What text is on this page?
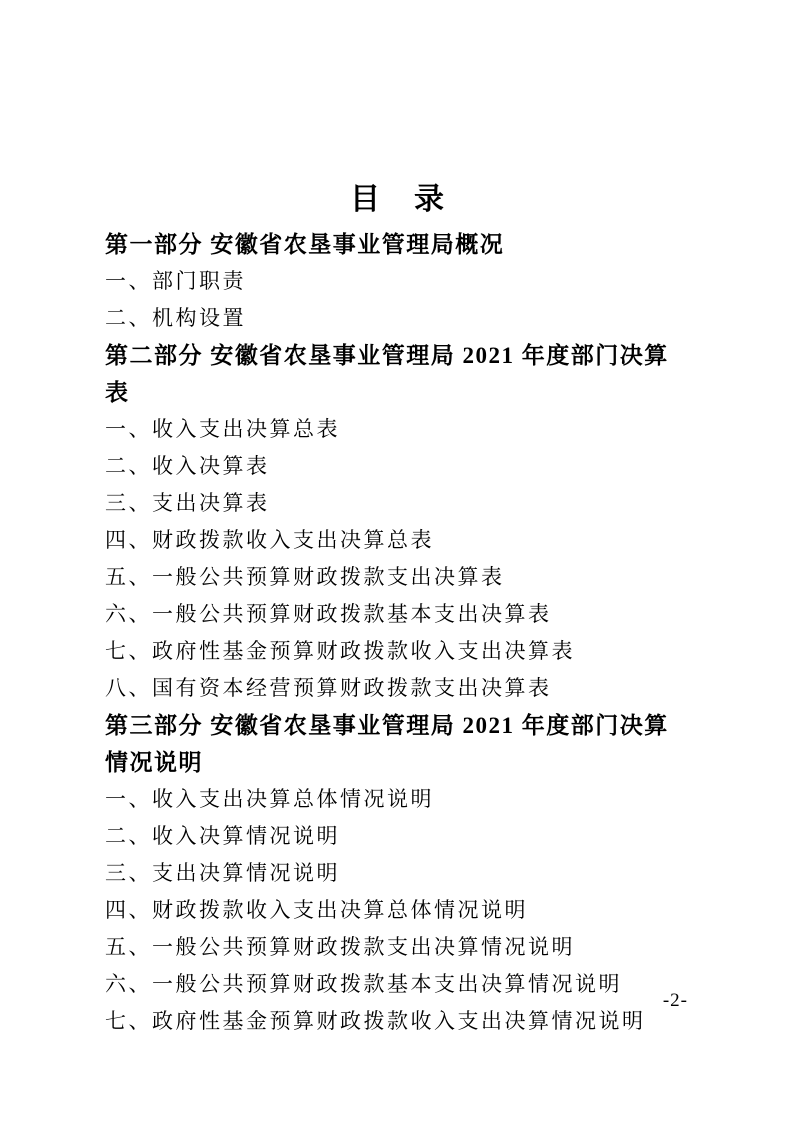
目　录
第一部分 安徽省农垦事业管理局概况
一、部门职责
二、机构设置
第二部分 安徽省农垦事业管理局 2021 年度部门决算表
一、收入支出决算总表
二、收入决算表
三、支出决算表
四、财政拨款收入支出决算总表
五、一般公共预算财政拨款支出决算表
六、一般公共预算财政拨款基本支出决算表
七、政府性基金预算财政拨款收入支出决算表
八、国有资本经营预算财政拨款支出决算表
第三部分 安徽省农垦事业管理局 2021 年度部门决算情况说明
一、收入支出决算总体情况说明
二、收入决算情况说明
三、支出决算情况说明
四、财政拨款收入支出决算总体情况说明
五、一般公共预算财政拨款支出决算情况说明
六、一般公共预算财政拨款基本支出决算情况说明
七、政府性基金预算财政拨款收入支出决算情况说明
-2-
